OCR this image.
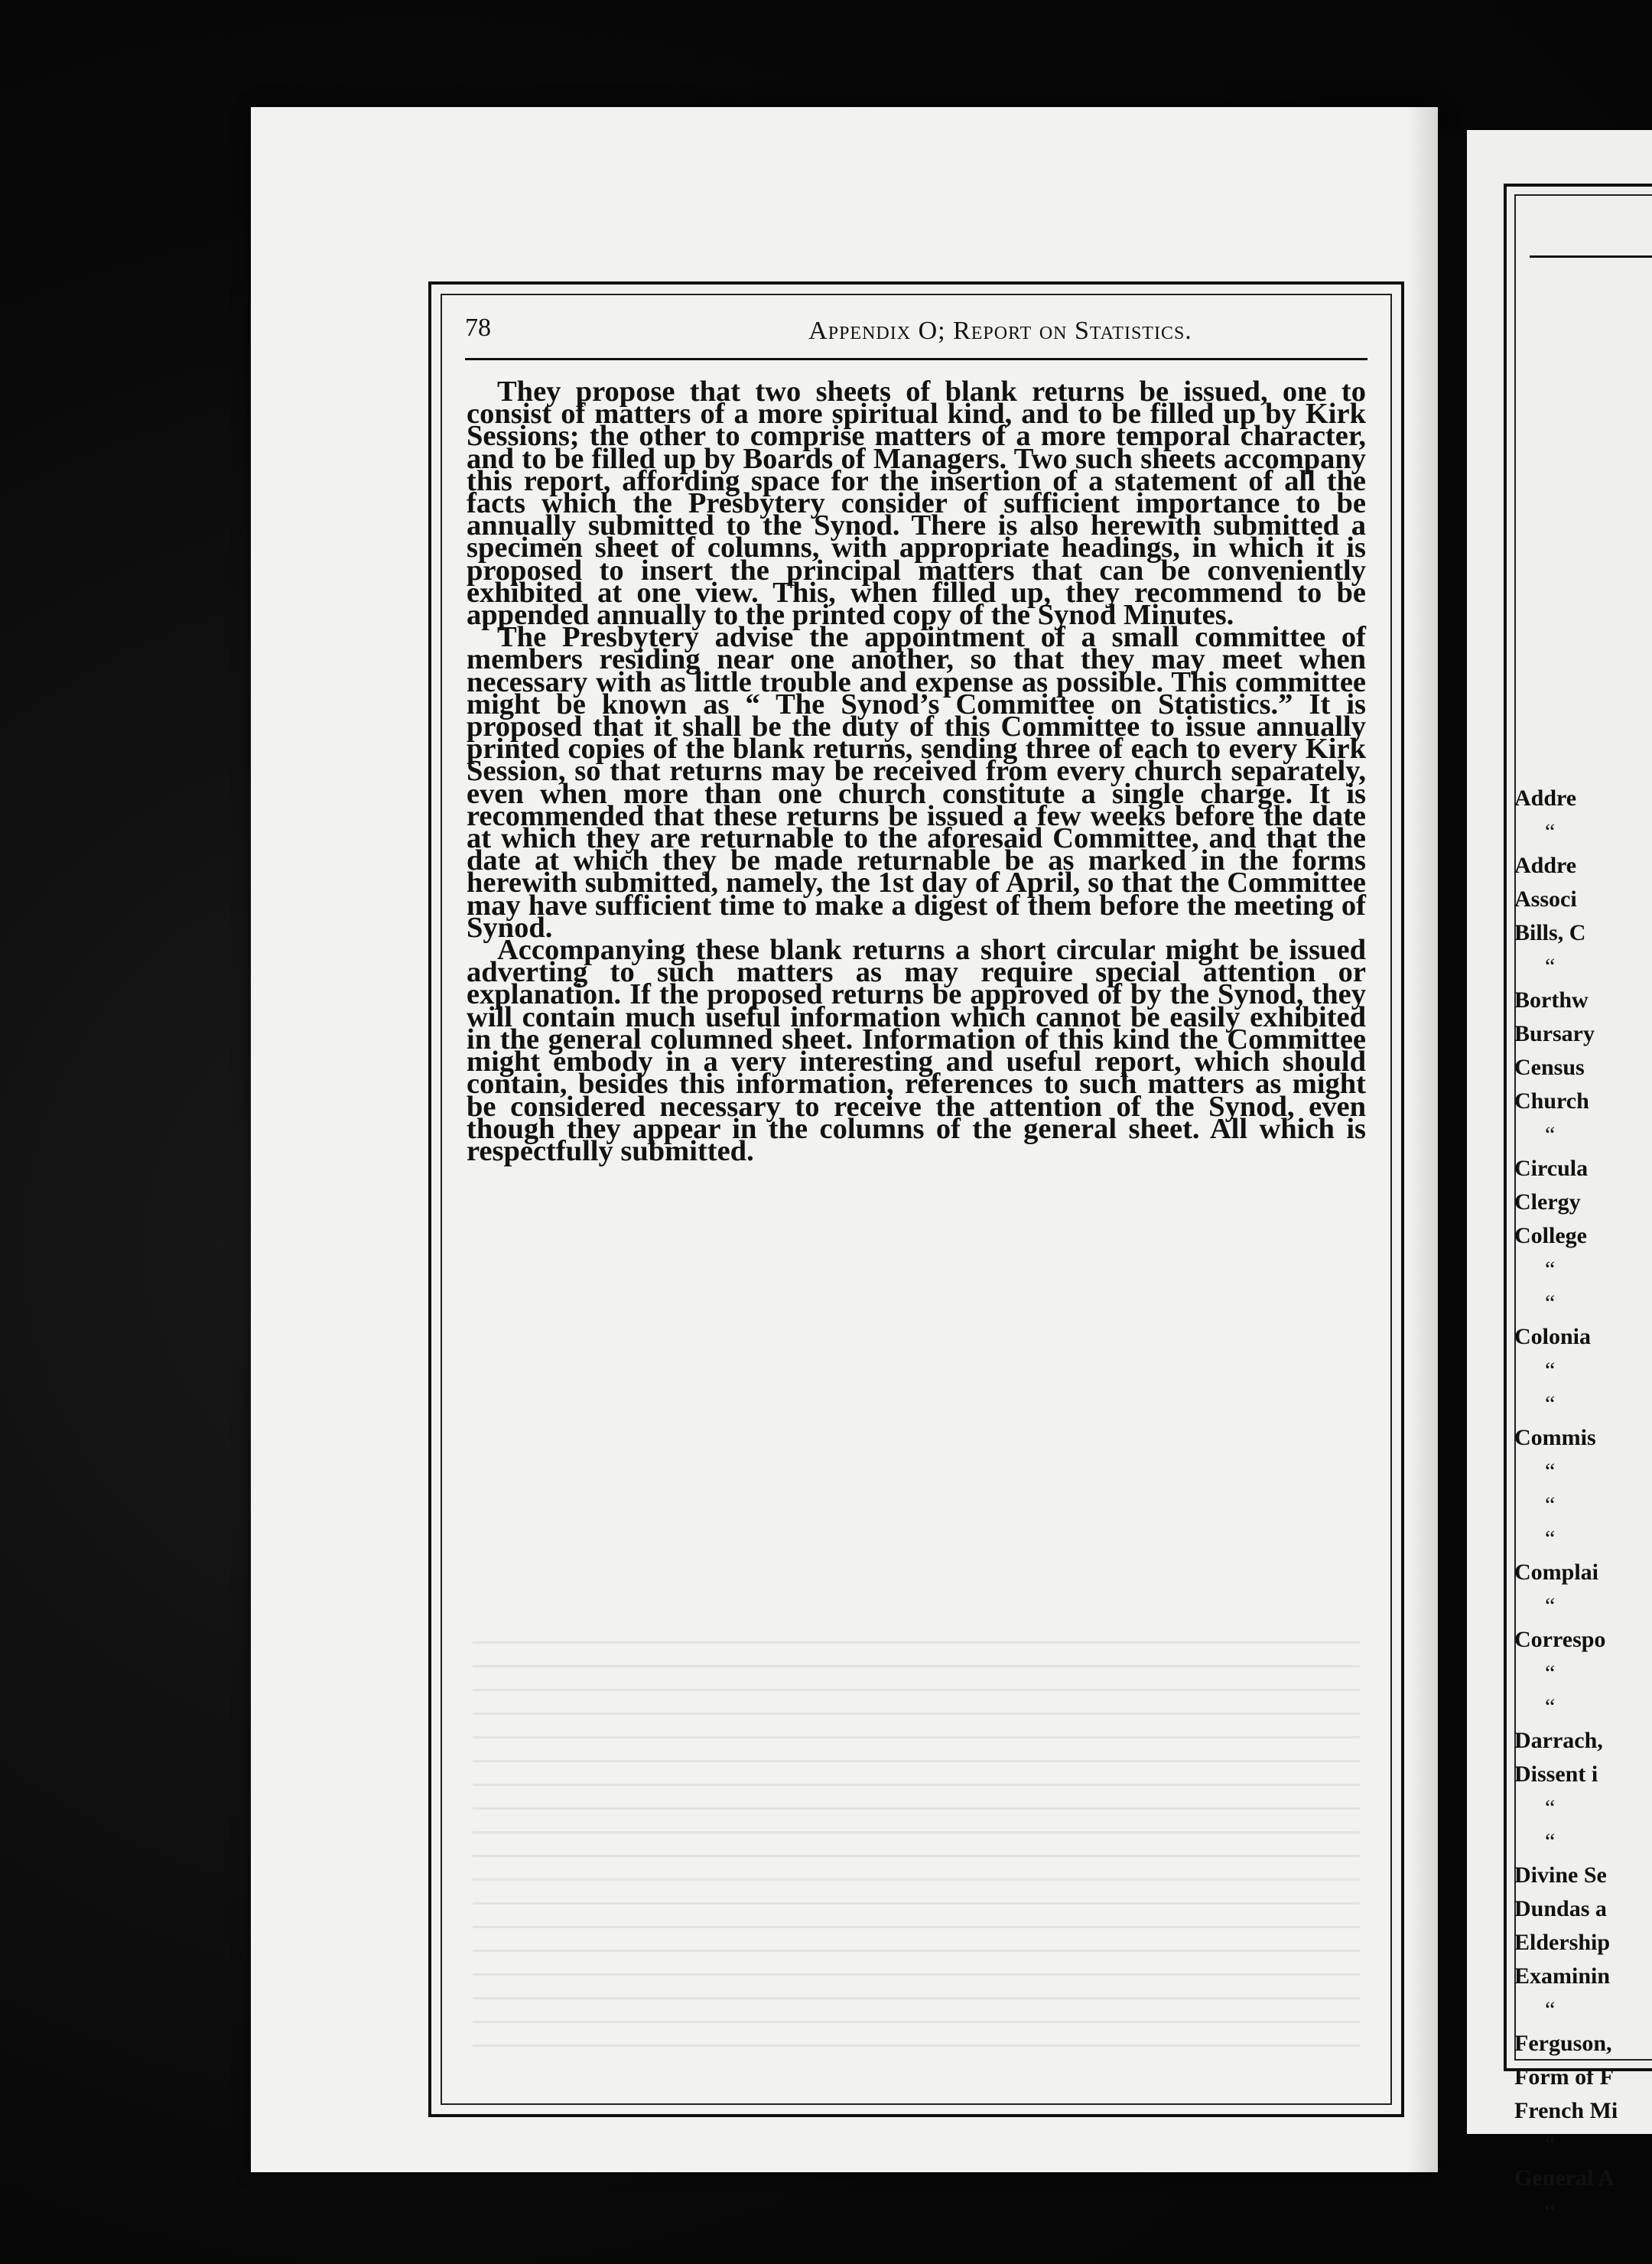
78	Appendix O; Report on Statistics.

They propose that two sheets of blank returns be issued, one to consist of matters of a more spiritual kind, and to be filled up by Kirk Sessions; the other to comprise matters of a more temporal character, and to be filled up by Boards of Managers. Two such sheets accompany this report, affording space for the insertion of a statement of all the facts which the Presbytery consider of sufficient importance to be annually submitted to the Synod. There is also herewith submitted a specimen sheet of columns, with appropriate headings, in which it is proposed to insert the principal matters that can be conveniently exhibited at one view. This, when filled up, they recommend to be appended annually to the printed copy of the Synod Minutes.

The Presbytery advise the appointment of a small committee of members residing near one another, so that they may meet when necessary with as little trouble and expense as possible. This committee might be known as “ The Synod’s Committee on Statistics.” It is proposed that it shall be the duty of this Committee to issue annually printed copies of the blank returns, sending three of each to every Kirk Session, so that returns may be received from every church separately, even when more than one church constitute a single charge. It is recommended that these returns be issued a few weeks before the date at which they are returnable to the aforesaid Committee, and that the date at which they be made returnable be as marked in the forms herewith submitted, namely, the 1st day of April, so that the Committee may have sufficient time to make a digest of them before the meeting of Synod.

Accompanying these blank returns a short circular might be issued adverting to such matters as may require special attention or explanation. If the proposed returns be approved of by the Synod, they will contain much useful information which cannot be easily exhibited in the general columned sheet. Information of this kind the Committee might embody in a very interesting and useful report, which should contain, besides this information, references to such matters as might be considered necessary to receive the attention of the Synod, even though they appear in the columns of the general sheet. All which is respectfully submitted.

Addre
“
Addre
Associ
Bills, C
“
Borthw
Bursary
Census
Church
“
Circula
Clergy
College
“
“
Colonia
“
“
Commis
“
“
“
Complai
“
Correspo
“
“
Darrach,
Dissent i
“
“
Divine Se
Dundas a
Eldership
Examinin
“
Ferguson,
Form of F
French Mi
“
General A
“
